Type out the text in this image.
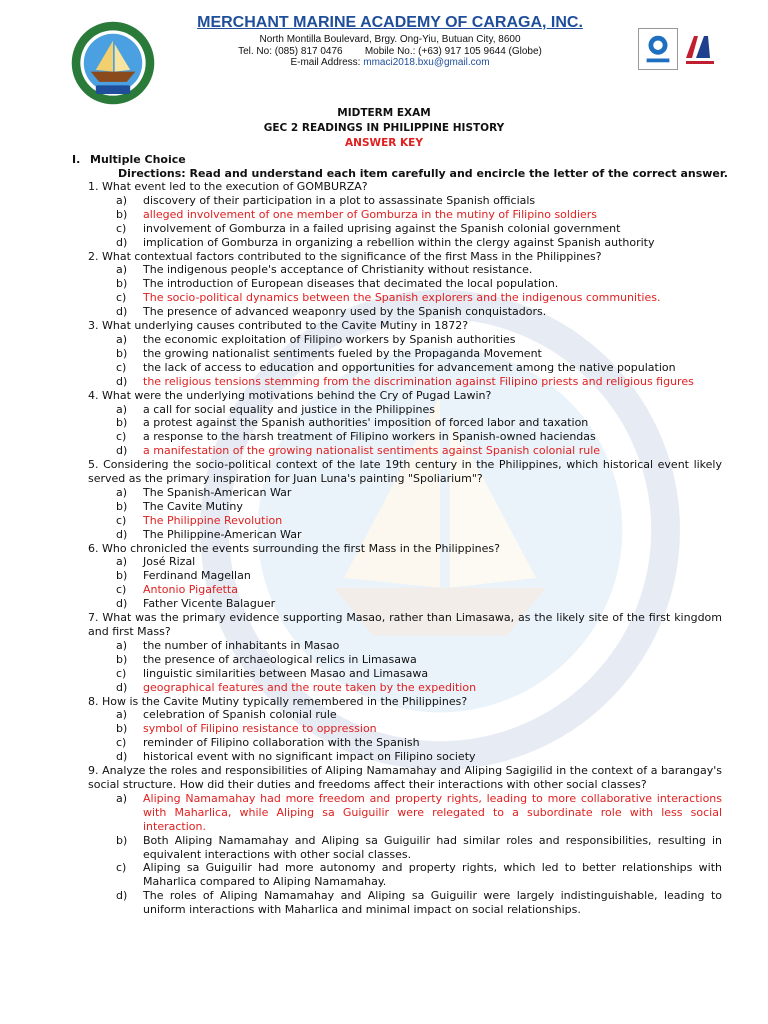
MERCHANT MARINE ACADEMY OF CARAGA, INC.
North Montilla Boulevard, Brgy. Ong-Yiu, Butuan City, 8600
Tel. No: (085) 817 0476        Mobile No.: (+63) 917 105 9644 (Globe)
E-mail Address: mmaci2018.bxu@gmail.com
MIDTERM EXAM
GEC 2 READINGS IN PHILIPPINE HISTORY
ANSWER KEY
I. Multiple Choice
Directions: Read and understand each item carefully and encircle the letter of the correct answer.
1. What event led to the execution of GOMBURZA?
a)	discovery of their participation in a plot to assassinate Spanish officials
b)	alleged involvement of one member of Gomburza in the mutiny of Filipino soldiers
c)	involvement of Gomburza in a failed uprising against the Spanish colonial government
d)	implication of Gomburza in organizing a rebellion within the clergy against Spanish authority
2. What contextual factors contributed to the significance of the first Mass in the Philippines?
a)	The indigenous people's acceptance of Christianity without resistance.
b)	The introduction of European diseases that decimated the local population.
c)	The socio-political dynamics between the Spanish explorers and the indigenous communities.
d)	The presence of advanced weaponry used by the Spanish conquistadors.
3. What underlying causes contributed to the Cavite Mutiny in 1872?
a)	the economic exploitation of Filipino workers by Spanish authorities
b)	the growing nationalist sentiments fueled by the Propaganda Movement
c)	the lack of access to education and opportunities for advancement among the native population
d)	the religious tensions stemming from the discrimination against Filipino priests and religious figures
4. What were the underlying motivations behind the Cry of Pugad Lawin?
a)	a call for social equality and justice in the Philippines
b)	a protest against the Spanish authorities' imposition of forced labor and taxation
c)	a response to the harsh treatment of Filipino workers in Spanish-owned haciendas
d)	a manifestation of the growing nationalist sentiments against Spanish colonial rule
5. Considering the socio-political context of the late 19th century in the Philippines, which historical event likely served as the primary inspiration for Juan Luna's painting "Spoliarium"?
a)	The Spanish-American War
b)	The Cavite Mutiny
c)	The Philippine Revolution
d)	The Philippine-American War
6. Who chronicled the events surrounding the first Mass in the Philippines?
a)	José Rizal
b)	Ferdinand Magellan
c)	Antonio Pigafetta
d)	Father Vicente Balaguer
7. What was the primary evidence supporting Masao, rather than Limasawa, as the likely site of the first kingdom and first Mass?
a)	the number of inhabitants in Masao
b)	the presence of archaeological relics in Limasawa
c)	linguistic similarities between Masao and Limasawa
d)	geographical features and the route taken by the expedition
8. How is the Cavite Mutiny typically remembered in the Philippines?
a)	celebration of Spanish colonial rule
b)	symbol of Filipino resistance to oppression
c)	reminder of Filipino collaboration with the Spanish
d)	historical event with no significant impact on Filipino society
9. Analyze the roles and responsibilities of Aliping Namamahay and Aliping Sagigilid in the context of a barangay's social structure. How did their duties and freedoms affect their interactions with other social classes?
a)	Aliping Namamahay had more freedom and property rights, leading to more collaborative interactions with Maharlica, while Aliping sa Guiguilir were relegated to a subordinate role with less social interaction.
b)	Both Aliping Namamahay and Aliping sa Guiguilir had similar roles and responsibilities, resulting in equivalent interactions with other social classes.
c)	Aliping sa Guiguilir had more autonomy and property rights, which led to better relationships with Maharlica compared to Aliping Namamahay.
d)	The roles of Aliping Namamahay and Aliping sa Guiguilir were largely indistinguishable, leading to uniform interactions with Maharlica and minimal impact on social relationships.
